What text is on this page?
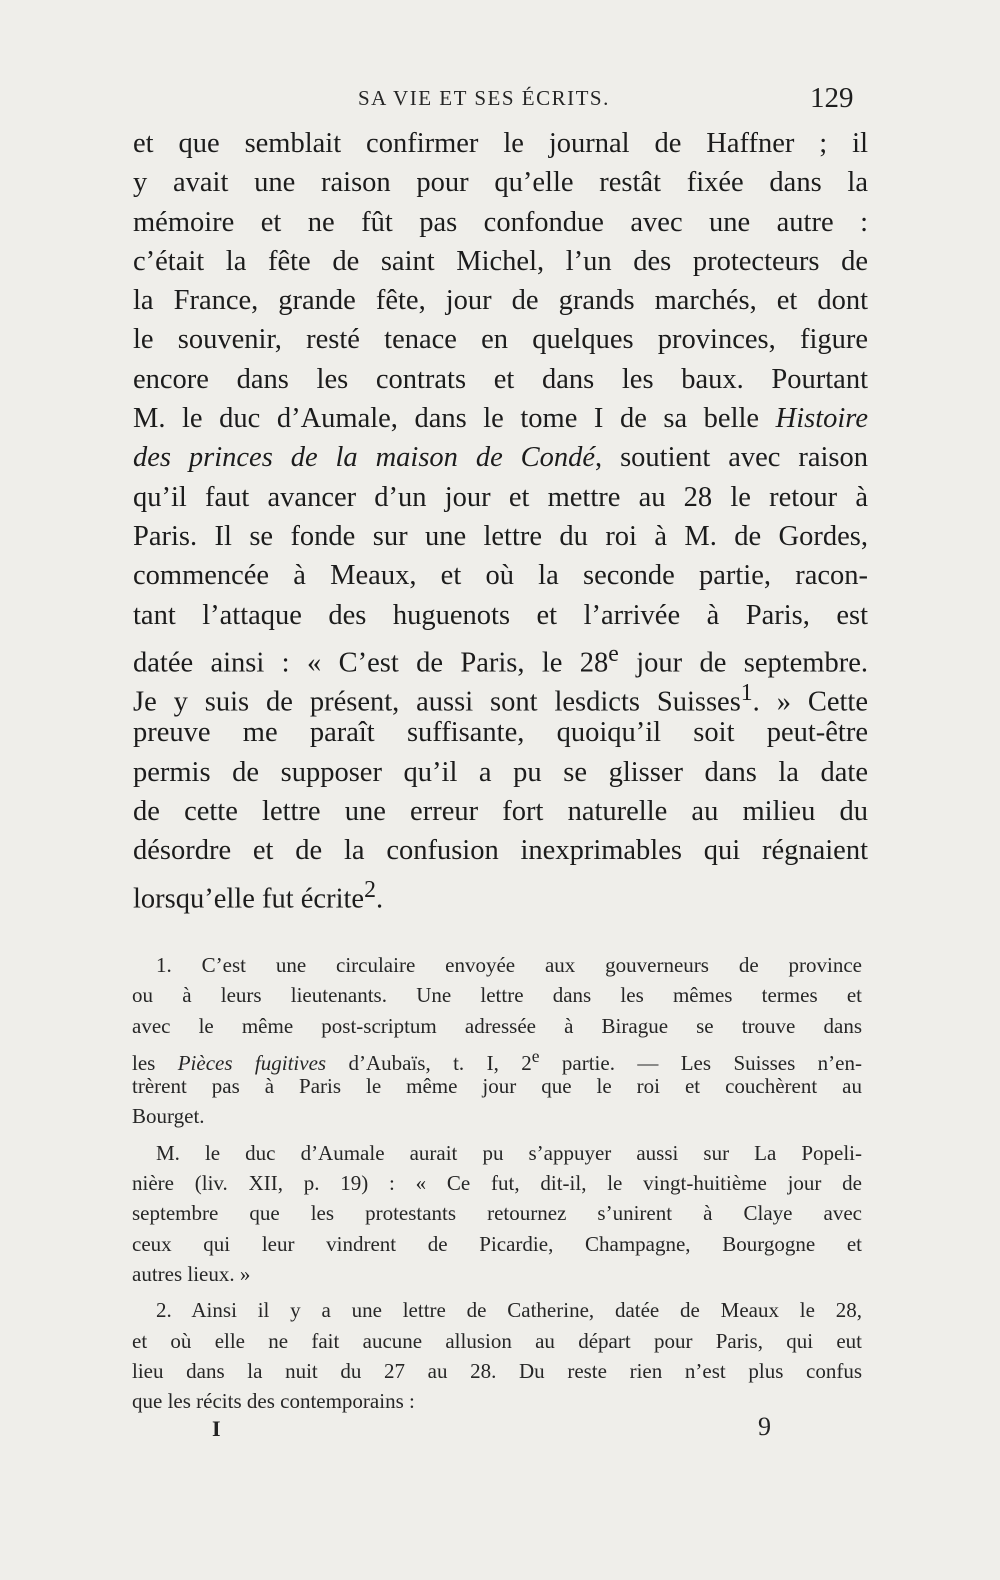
SA VIE ET SES ÉCRITS.	129
et que semblait confirmer le journal de Haffner ; il
y avait une raison pour qu’elle restât fixée dans la
mémoire et ne fût pas confondue avec une autre :
c’était la fête de saint Michel, l’un des protecteurs de
la France, grande fête, jour de grands marchés, et dont
le souvenir, resté tenace en quelques provinces, figure
encore dans les contrats et dans les baux. Pourtant
M. le duc d’Aumale, dans le tome I de sa belle Histoire
des princes de la maison de Condé, soutient avec raison
qu’il faut avancer d’un jour et mettre au 28 le retour à
Paris. Il se fonde sur une lettre du roi à M. de Gordes,
commencée à Meaux, et où la seconde partie, racon-
tant l’attaque des huguenots et l’arrivée à Paris, est
datée ainsi : « C’est de Paris, le 28e jour de septembre.
Je y suis de présent, aussi sont lesdicts Suisses$^1$. » Cette
preuve me paraît suffisante, quoiqu’il soit peut-être
permis de supposer qu’il a pu se glisser dans la date
de cette lettre une erreur fort naturelle au milieu du
désordre et de la confusion inexprimables qui régnaient
lorsqu’elle fut écrite$^2$.
1. C’est une circulaire envoyée aux gouverneurs de province
ou à leurs lieutenants. Une lettre dans les mêmes termes et
avec le même post-scriptum adressée à Birague se trouve dans
les Pièces fugitives d’Aubaïs, t. I, 2e partie. — Les Suisses n’en-
trèrent pas à Paris le même jour que le roi et couchèrent au
Bourget.
M. le duc d’Aumale aurait pu s’appuyer aussi sur La Popeli-
nière (liv. XII, p. 19) : « Ce fut, dit-il, le vingt-huitième jour de
septembre que les protestants retournez s’unirent à Claye avec
ceux qui leur vindrent de Picardie, Champagne, Bourgogne et
autres lieux. »
2. Ainsi il y a une lettre de Catherine, datée de Meaux le 28,
et où elle ne fait aucune allusion au départ pour Paris, qui eut
lieu dans la nuit du 27 au 28. Du reste rien n’est plus confus
que les récits des contemporains :
I	9
